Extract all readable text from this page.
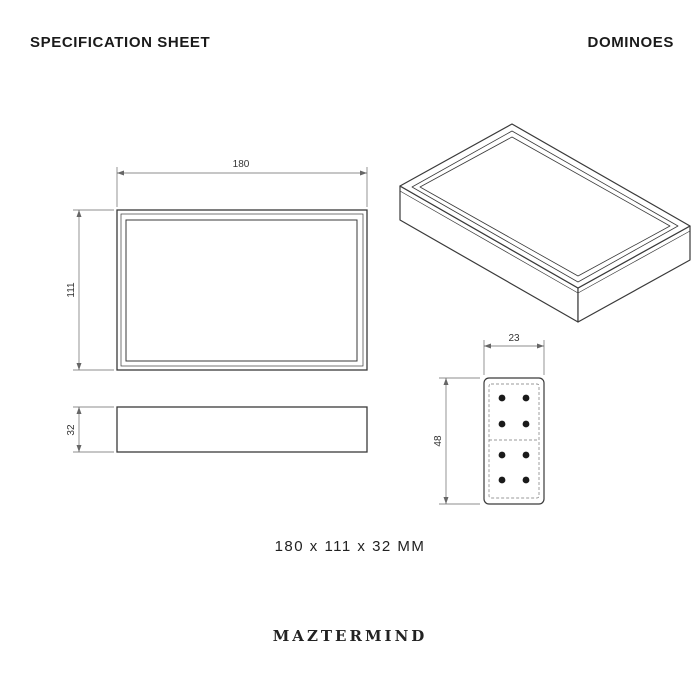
SPECIFICATION SHEET	DOMINOES
180
111
32
23
48
180 x 111 x 32 MM
MAZTERMIND
